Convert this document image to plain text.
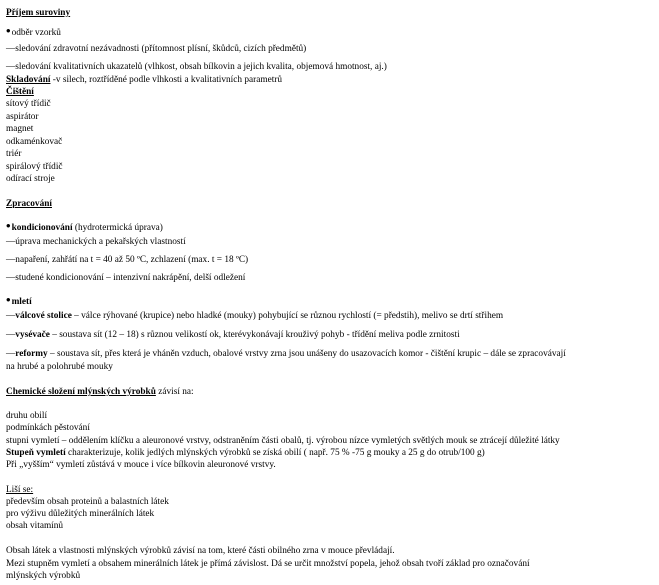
Příjem suroviny
•odběr vzorků
—sledování zdravotní nezávadnosti (přítomnost plísní, škůdců, cizích předmětů)
—sledování kvalitativních ukazatelů (vlhkost, obsah bílkovin a jejich kvalita, objemová hmotnost, aj.)
Skladování -v silech, roztříděné podle vlhkosti a kvalitativních parametrů
Čištění
sítový třídič
aspirátor
magnet
odkaménkovač
triér
spirálový třídič
odírací stroje
Zpracování
•kondicionování (hydrotermická úprava)
—úprava mechanických a pekařských vlastností
—napaření, zahřátí na t = 40 až 50 ºC, zchlazení (max. t = 18 ºC)
—studené kondicionování – intenzivní nakrápění, delší odležení
•mletí
—válcové stolice – válce rýhované (krupice) nebo hladké (mouky) pohybující se různou rychlostí (= předstih), melivo se drtí střihem
—vysévače – soustava sít (12 – 18) s různou velikostí ok, kterévykonávají krouživý pohyb - třídění meliva podle zrnitosti
—reformy – soustava sít, přes která je vháněn vzduch, obalové vrstvy zrna jsou unášeny do usazovacích komor - čištění krupic – dále se zpracovávají
na hrubé a polohrubé mouky
Chemické složení mlýnských výrobků závisí na:
druhu obilí
podmínkách pěstování
stupni vymletí – oddělením klíčku a aleuronové vrstvy, odstraněním části obalů, tj. výrobou nízce vymletých světlých mouk se ztrácejí důležité látky
Stupeň vymletí charakterizuje, kolik jedlých mlýnských výrobků se získá obilí ( např. 75 % -75 g mouky a 25 g do otrub/100 g)
Při „vyšším“ vymletí zůstává v mouce i více bílkovin aleuronové vrstvy.
Liší se:
především obsah proteinů a balastních látek
pro výživu důležitých minerálních látek
obsah vitamínů
Obsah látek a vlastnosti mlýnských výrobků závisí na tom, které části obilného zrna v mouce převládají.
Mezi stupněm vymletí a obsahem minerálních látek je přímá závislost. Dá se určit množství popela, jehož obsah tvoří základ pro označování
mlýnských výrobků
